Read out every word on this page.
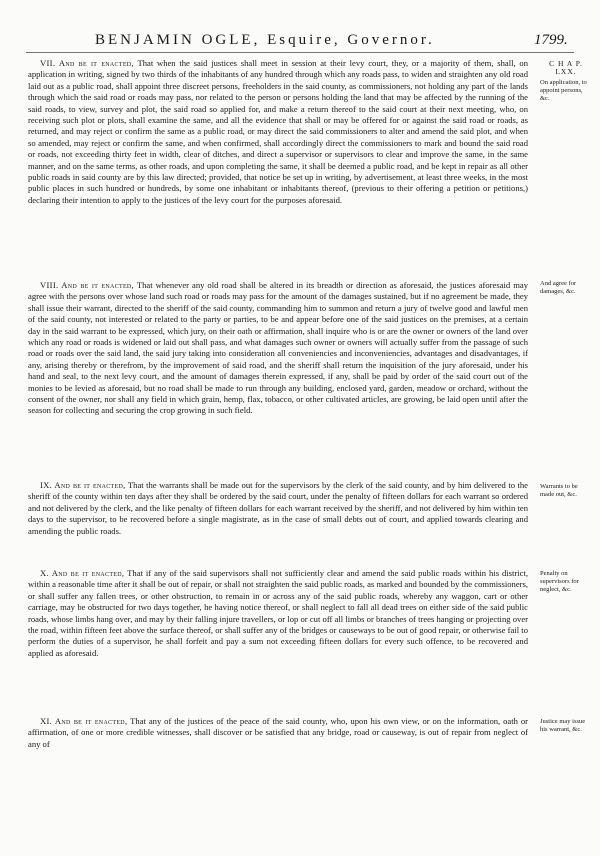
BENJAMIN OGLE, Esquire, Governor.	1799.
C H A P.
LXX.
On application, to appoint persons, &c.
And agree for damages, &c.
Warrants to be made out, &c.
Penalty on supervisors for neglect, &c.
Justice may issue his warrant, &c.

VII. And be it enacted, That when the said justices shall meet in session at their levy court, they, or a majority of them, shall, on application in writing, signed by two thirds of the inhabitants of any hundred through which any roads pass, to widen and straighten any old road laid out as a public road, shall appoint three discreet persons, freeholders in the said county, as commissioners, not holding any part of the lands through which the said road or roads may pass, nor related to the person or persons holding the land that may be affected by the running of the said roads, to view, survey and plot, the said road so applied for, and make a return thereof to the said court at their next meeting, who, on receiving such plot or plots, shall examine the same, and all the evidence that shall or may be offered for or against the said road or roads, as returned, and may reject or confirm the same as a public road, or may direct the said commissioners to alter and amend the said plot, and when so amended, may reject or confirm the same, and when confirmed, shall accordingly direct the commissioners to mark and bound the said road or roads, not exceeding thirty feet in width, clear of ditches, and direct a supervisor or supervisors to clear and improve the same, in the same manner, and on the same terms, as other roads, and upon completing the same, it shall be deemed a public road, and be kept in repair as all other public roads in said county are by this law directed; provided, that notice be set up in writing, by advertisement, at least three weeks, in the most public places in such hundred or hundreds, by some one inhabitant or inhabitants thereof, (previous to their offering a petition or petitions,) declaring their intention to apply to the justices of the levy court for the purposes aforesaid.

VIII. And be it enacted, That whenever any old road shall be altered in its breadth or direction as aforesaid, the justices aforesaid may agree with the persons over whose land such road or roads may pass for the amount of the damages sustained, but if no agreement be made, they shall issue their warrant, directed to the sheriff of the said county, commanding him to summon and return a jury of twelve good and lawful men of the said county, not interested or related to the party or parties, to be and appear before one of the said justices on the premises, at a certain day in the said warrant to be expressed, which jury, on their oath or affirmation, shall inquire who is or are the owner or owners of the land over which any road or roads is widened or laid out shall pass, and what damages such owner or owners will actually suffer from the passage of such road or roads over the said land, the said jury taking into consideration all conveniencies and inconveniencies, advantages and disadvantages, if any, arising thereby or therefrom, by the improvement of said road, and the sheriff shall return the inquisition of the jury aforesaid, under his hand and seal, to the next levy court, and the amount of damages therein expressed, if any, shall be paid by order of the said court out of the monies to be levied as aforesaid, but no road shall be made to run through any building, enclosed yard, garden, meadow or orchard, without the consent of the owner, nor shall any field in which grain, hemp, flax, tobacco, or other cultivated articles, are growing, be laid open until after the season for collecting and securing the crop growing in such field.

IX. And be it enacted, That the warrants shall be made out for the supervisors by the clerk of the said county, and by him delivered to the sheriff of the county within ten days after they shall be ordered by the said court, under the penalty of fifteen dollars for each warrant so ordered and not delivered by the clerk, and the like penalty of fifteen dollars for each warrant received by the sheriff, and not delivered by him within ten days to the supervisor, to be recovered before a single magistrate, as in the case of small debts out of court, and applied towards clearing and amending the public roads.

X. And be it enacted, That if any of the said supervisors shall not sufficiently clear and amend the said public roads within his district, within a reasonable time after it shall be out of repair, or shall not straighten the said public roads, as marked and bounded by the commissioners, or shall suffer any fallen trees, or other obstruction, to remain in or across any of the said public roads, whereby any waggon, cart or other carriage, may be obstructed for two days together, he having notice thereof, or shall neglect to fall all dead trees on either side of the said public roads, whose limbs hang over, and may by their falling injure travellers, or lop or cut off all limbs or branches of trees hanging or projecting over the road, within fifteen feet above the surface thereof, or shall suffer any of the bridges or causeways to be out of good repair, or otherwise fail to perform the duties of a supervisor, he shall forfeit and pay a sum not exceeding fifteen dollars for every such offence, to be recovered and applied as aforesaid.

XI. And be it enacted, That any of the justices of the peace of the said county, who, upon his own view, or on the information, oath or affirmation, of one or more credible witnesses, shall discover or be satisfied that any bridge, road or causeway, is out of repair from neglect of any of
